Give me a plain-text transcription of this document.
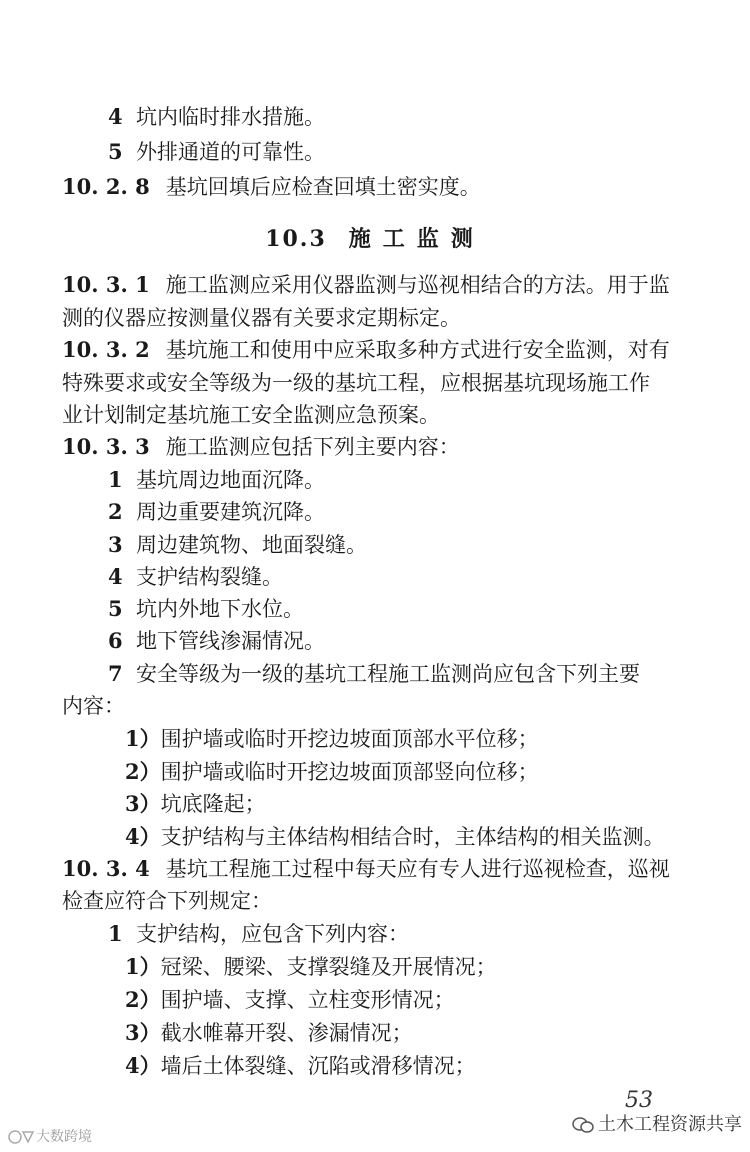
4 坑内临时排水措施。
5 外排通道的可靠性。
10. 2. 8 基坑回填后应检查回填土密实度。
10.3 施工监测
10. 3. 1 施工监测应采用仪器监测与巡视相结合的方法。用于监
测的仪器应按测量仪器有关要求定期标定。
10. 3. 2 基坑施工和使用中应采取多种方式进行安全监测，对有
特殊要求或安全等级为一级的基坑工程，应根据基坑现场施工作
业计划制定基坑施工安全监测应急预案。
10. 3. 3 施工监测应包括下列主要内容：
1 基坑周边地面沉降。
2 周边重要建筑沉降。
3 周边建筑物、地面裂缝。
4 支护结构裂缝。
5 坑内外地下水位。
6 地下管线渗漏情况。
7 安全等级为一级的基坑工程施工监测尚应包含下列主要
内容：
1）围护墙或临时开挖边坡面顶部水平位移；
2）围护墙或临时开挖边坡面顶部竖向位移；
3）坑底隆起；
4）支护结构与主体结构相结合时，主体结构的相关监测。
10. 3. 4 基坑工程施工过程中每天应有专人进行巡视检查，巡视
检查应符合下列规定：
1 支护结构，应包含下列内容：
1）冠梁、腰梁、支撑裂缝及开展情况；
2）围护墙、支撑、立柱变形情况；
3）截水帷幕开裂、渗漏情况；
4）墙后土体裂缝、沉陷或滑移情况；
53
土木工程资源共享
大数跨境
